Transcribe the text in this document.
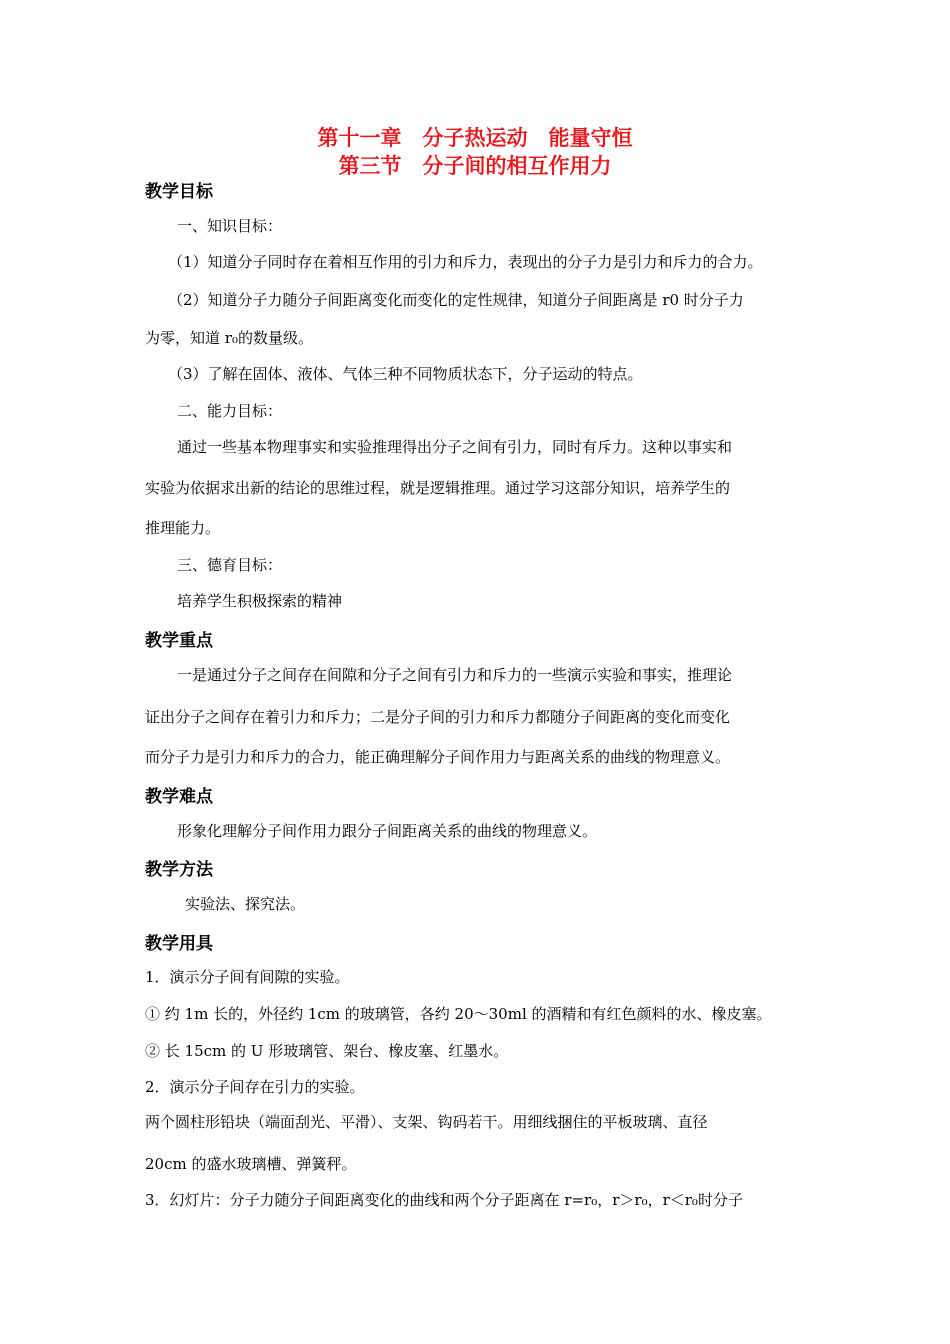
第十一章　分子热运动　能量守恒
第三节　分子间的相互作用力
教学目标
一、知识目标：
（1）知道分子同时存在着相互作用的引力和斥力，表现出的分子力是引力和斥力的合力。
（2）知道分子力随分子间距离变化而变化的定性规律，知道分子间距离是 r0 时分子力
为零，知道 r₀的数量级。
（3）了解在固体、液体、气体三种不同物质状态下，分子运动的特点。
二、能力目标：
通过一些基本物理事实和实验推理得出分子之间有引力，同时有斥力。这种以事实和
实验为依据求出新的结论的思维过程，就是逻辑推理。通过学习这部分知识，培养学生的
推理能力。
三、德育目标：
培养学生积极探索的精神
教学重点
一是通过分子之间存在间隙和分子之间有引力和斥力的一些演示实验和事实，推理论
证出分子之间存在着引力和斥力；二是分子间的引力和斥力都随分子间距离的变化而变化
而分子力是引力和斥力的合力，能正确理解分子间作用力与距离关系的曲线的物理意义。
教学难点
形象化理解分子间作用力跟分子间距离关系的曲线的物理意义。
教学方法
实验法、探究法。
教学用具
1．演示分子间有间隙的实验。
① 约 1m 长的，外径约 1cm 的玻璃管，各约 20～30ml 的酒精和有红色颜料的水、橡皮塞。
② 长 15cm 的 U 形玻璃管、架台、橡皮塞、红墨水。
2．演示分子间存在引力的实验。
两个圆柱形铅块（端面刮光、平滑）、支架、钩码若干。用细线捆住的平板玻璃、直径
20cm 的盛水玻璃槽、弹簧秤。
3．幻灯片：分子力随分子间距离变化的曲线和两个分子距离在 r=r₀，r＞r₀，r＜r₀时分子
